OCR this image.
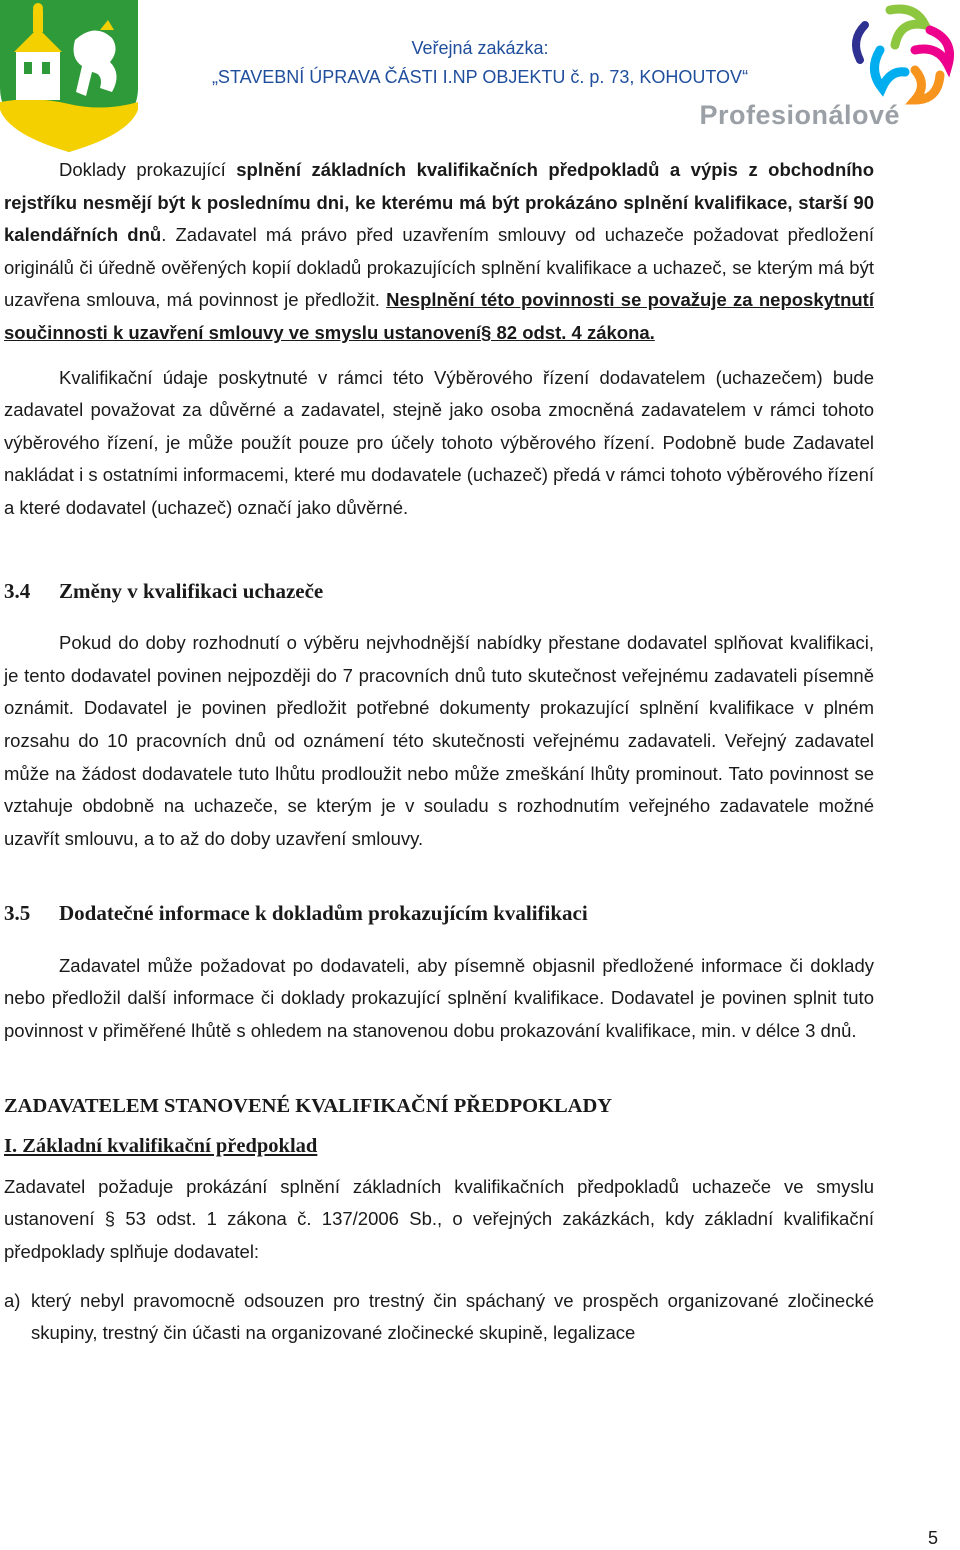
Veřejná zakázka:
„STAVEBNÍ ÚPRAVA ČÁSTI I.NP OBJEKTU č. p. 73, KOHOUTOV“
Profesionálové

Doklady prokazující splnění základních kvalifikačních předpokladů a výpis z obchodního rejstříku nesmějí být k poslednímu dni, ke kterému má být prokázáno splnění kvalifikace, starší 90 kalendářních dnů. Zadavatel má právo před uzavřením smlouvy od uchazeče požadovat předložení originálů či úředně ověřených kopií dokladů prokazujících splnění kvalifikace a uchazeč, se kterým má být uzavřena smlouva, má povinnost je předložit. Nesplnění této povinnosti se považuje za neposkytnutí součinnosti k uzavření smlouvy ve smyslu ustanovení§ 82 odst. 4 zákona.

Kvalifikační údaje poskytnuté v rámci této Výběrového řízení dodavatelem (uchazečem) bude zadavatel považovat za důvěrné a zadavatel, stejně jako osoba zmocněná zadavatelem v rámci tohoto výběrového řízení, je může použít pouze pro účely tohoto výběrového řízení. Podobně bude Zadavatel nakládat i s ostatními informacemi, které mu dodavatele (uchazeč) předá v rámci tohoto výběrového řízení a které dodavatel (uchazeč) označí jako důvěrné.

3.4 Změny v kvalifikaci uchazeče

Pokud do doby rozhodnutí o výběru nejvhodnější nabídky přestane dodavatel splňovat kvalifikaci, je tento dodavatel povinen nejpozději do 7 pracovních dnů tuto skutečnost veřejnému zadavateli písemně oznámit. Dodavatel je povinen předložit potřebné dokumenty prokazující splnění kvalifikace v plném rozsahu do 10 pracovních dnů od oznámení této skutečnosti veřejnému zadavateli. Veřejný zadavatel může na žádost dodavatele tuto lhůtu prodloužit nebo může zmeškání lhůty prominout. Tato povinnost se vztahuje obdobně na uchazeče, se kterým je v souladu s rozhodnutím veřejného zadavatele možné uzavřít smlouvu, a to až do doby uzavření smlouvy.

3.5 Dodatečné informace k dokladům prokazujícím kvalifikaci

Zadavatel může požadovat po dodavateli, aby písemně objasnil předložené informace či doklady nebo předložil další informace či doklady prokazující splnění kvalifikace. Dodavatel je povinen splnit tuto povinnost v přiměřené lhůtě s ohledem na stanovenou dobu prokazování kvalifikace, min. v délce 3 dnů.

ZADAVATELEM STANOVENÉ KVALIFIKAČNÍ PŘEDPOKLADY

I. Základní kvalifikační předpoklad

Zadavatel požaduje prokázání splnění základních kvalifikačních předpokladů uchazeče ve smyslu ustanovení § 53 odst. 1 zákona č. 137/2006 Sb., o veřejných zakázkách, kdy základní kvalifikační předpoklady splňuje dodavatel:

a) který nebyl pravomocně odsouzen pro trestný čin spáchaný ve prospěch organizované zločinecké skupiny, trestný čin účasti na organizované zločinecké skupině, legalizace
5
